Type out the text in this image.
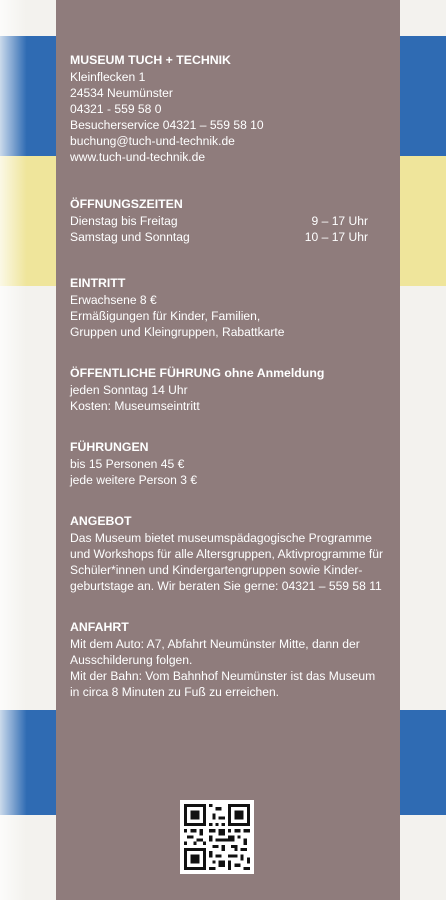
MUSEUM TUCH + TECHNIK
Kleinflecken 1
24534 Neumünster
04321 - 559 58 0
Besucherservice 04321 – 559 58 10
buchung@tuch-und-technik.de
www.tuch-und-technik.de
ÖFFNUNGSZEITEN
Dienstag bis Freitag	9 – 17 Uhr
Samstag und Sonntag	10 – 17 Uhr
EINTRITT
Erwachsene 8 €
Ermäßigungen für Kinder, Familien,
Gruppen und Kleingruppen, Rabattkarte
ÖFFENTLICHE FÜHRUNG ohne Anmeldung
jeden Sonntag 14 Uhr
Kosten: Museumseintritt
FÜHRUNGEN
bis 15 Personen 45 €
jede weitere Person 3 €
ANGEBOT
Das Museum bietet museumspädagogische Programme
und Workshops für alle Altersgruppen, Aktivprogramme für
Schüler*innen und Kindergartengruppen sowie Kinder-
geburtstage an. Wir beraten Sie gerne: 04321 – 559 58 11
ANFAHRT
Mit dem Auto: A7, Abfahrt Neumünster Mitte, dann der
Ausschilderung folgen.
Mit der Bahn: Vom Bahnhof Neumünster ist das Museum
in circa 8 Minuten zu Fuß zu erreichen.
